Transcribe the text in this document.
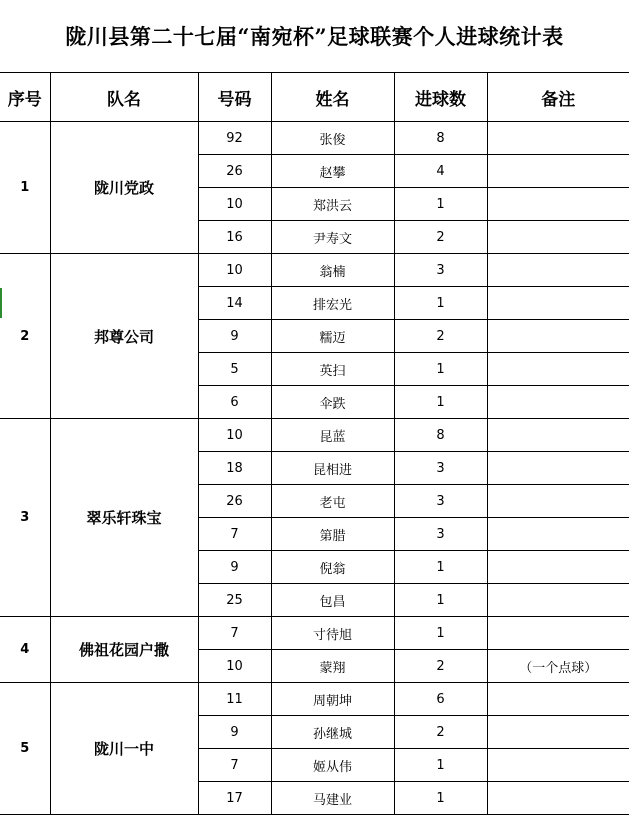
陇川县第二十七届“南宛杯”足球联赛个人进球统计表
序号	队名	号码	姓名	进球数	备注
1	陇川党政	92	张俊	8	
		26	赵攀	4	
		10	郑洪云	1	
		16	尹寿文	2	
2	邦尊公司	10	翁楠	3	
		14	排宏光	1	
		9	糯迈	2	
		5	英扫	1	
		6	伞跌	1	
3	翠乐轩珠宝	10	昆蓝	8	
		18	昆相进	3	
		26	老屯	3	
		7	第腊	3	
		9	倪翁	1	
		25	包昌	1	
4	佛祖花园户撒	7	寸待旭	1	
		10	蒙翔	2	（一个点球）
5	陇川一中	11	周朝坤	6	
		9	孙继城	2	
		7	姬从伟	1	
		17	马建业	1	
